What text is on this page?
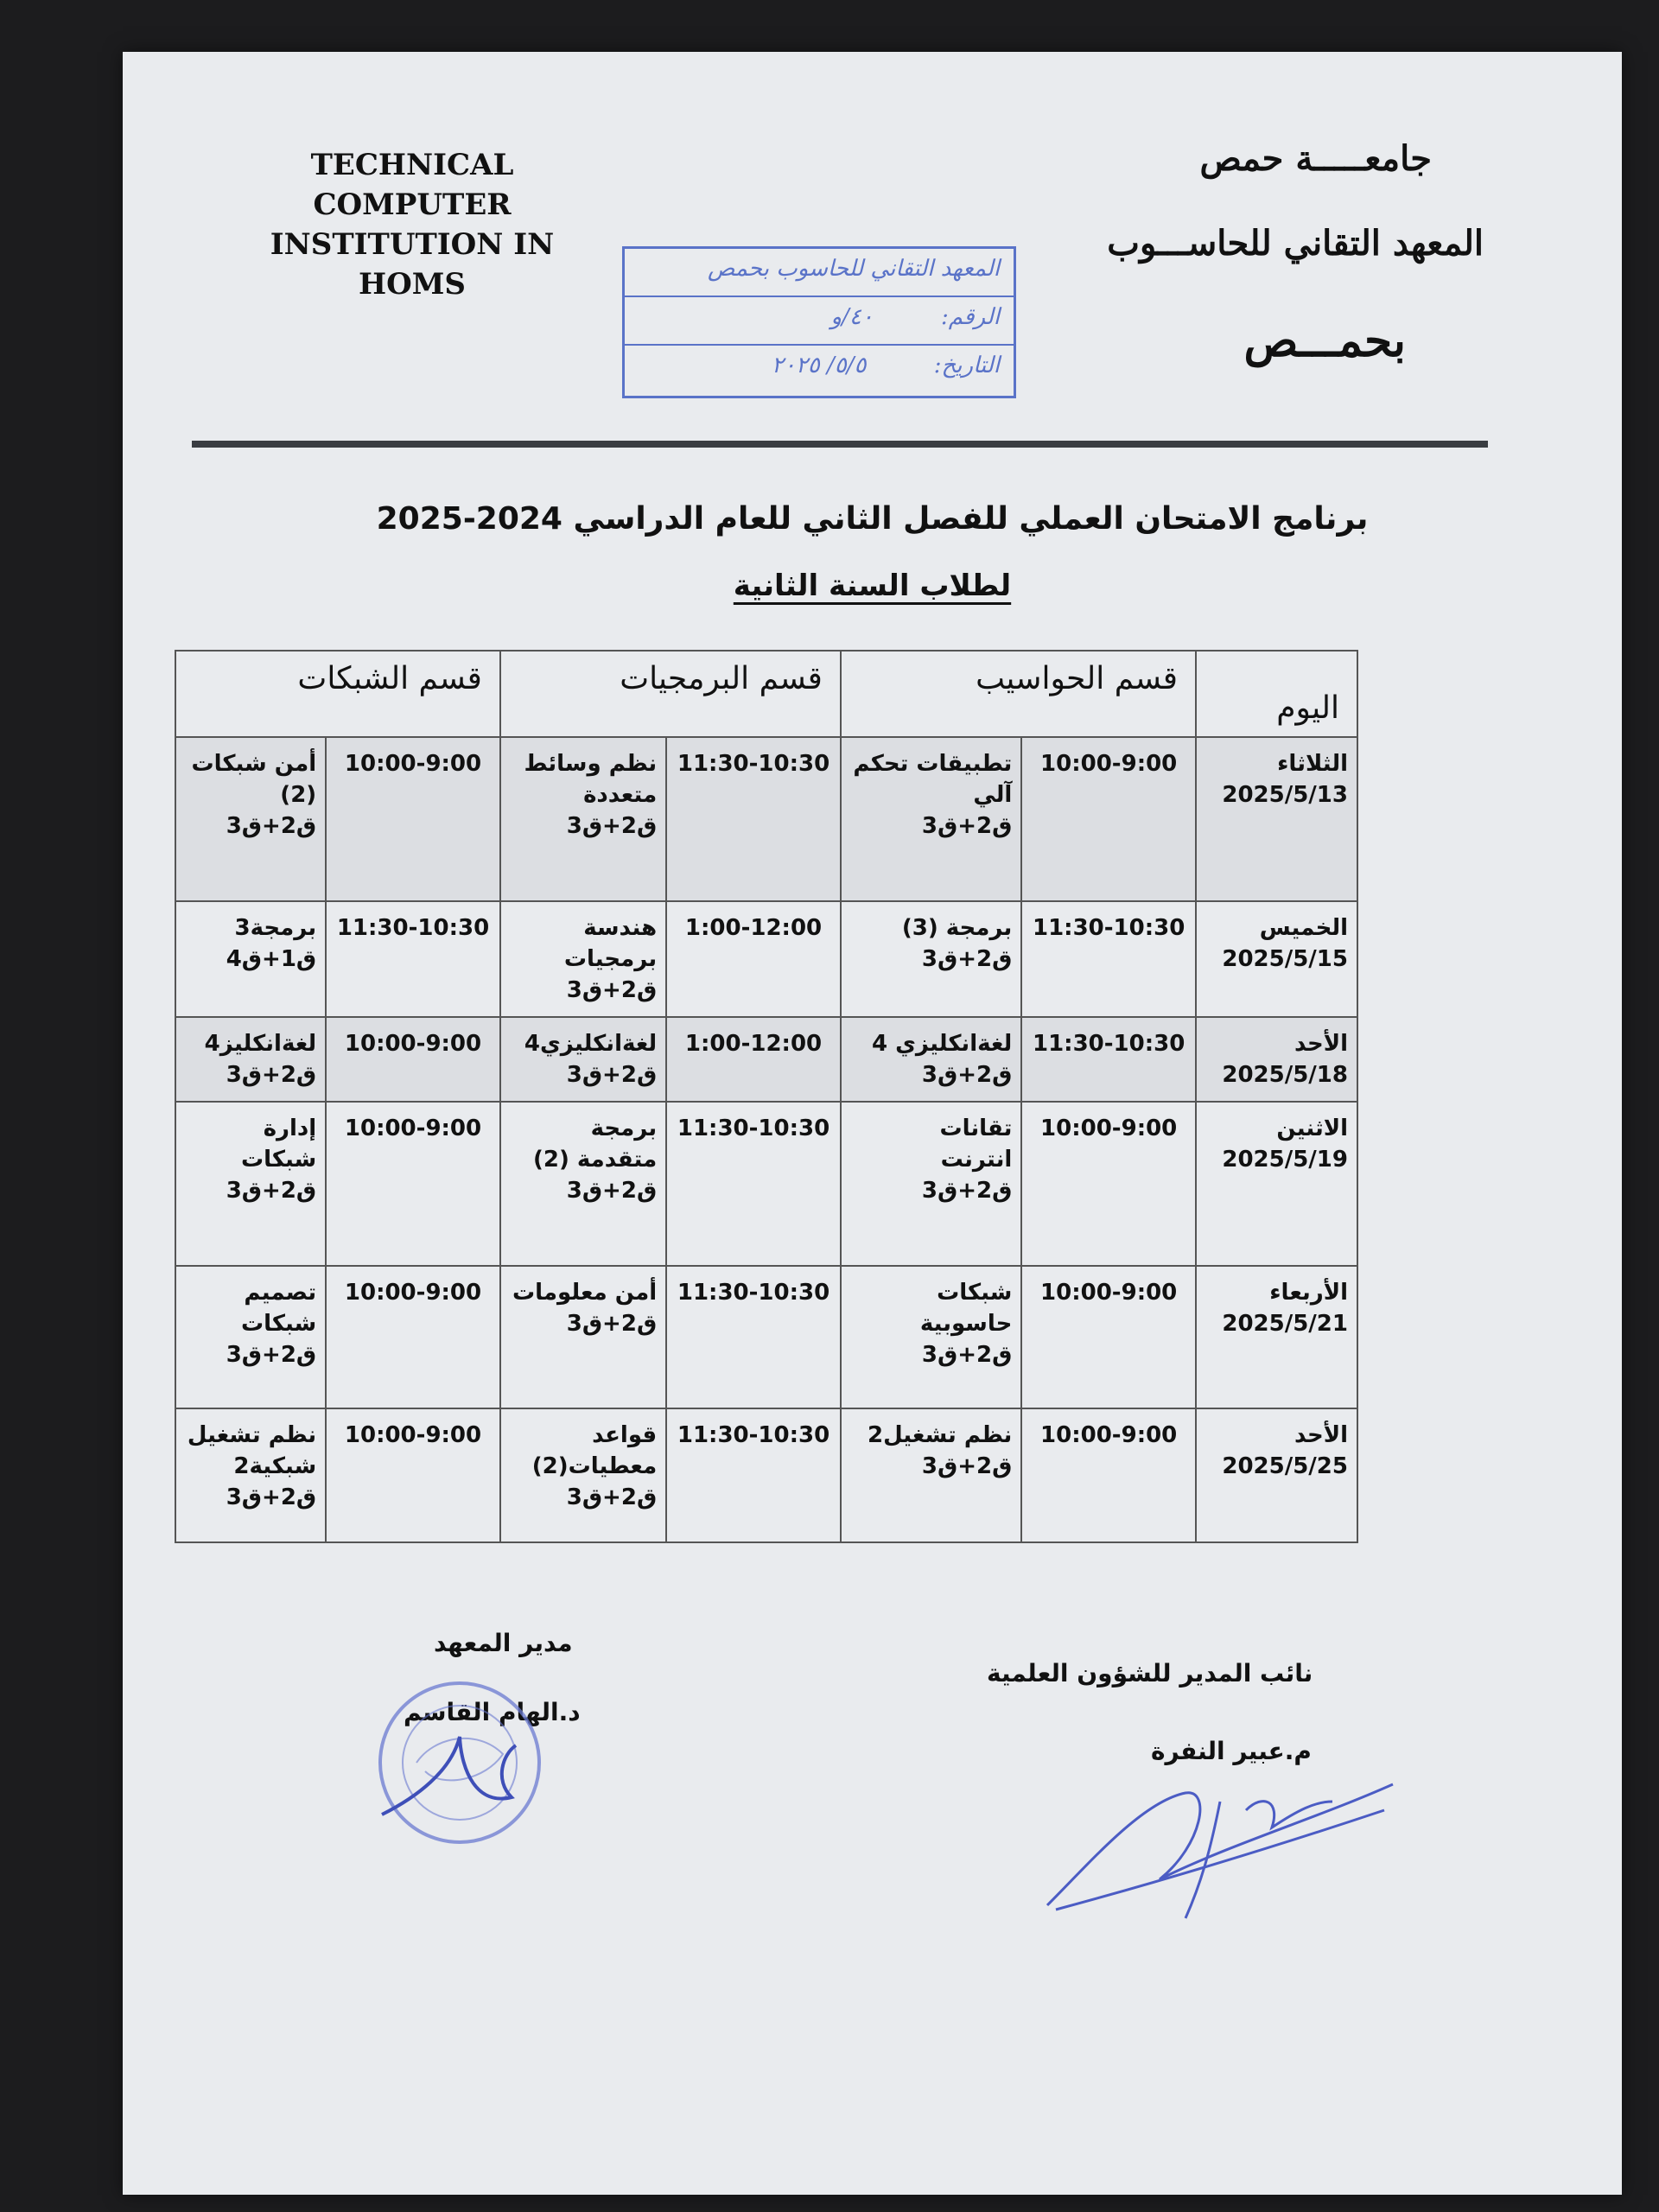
TECHNICAL COMPUTER
INSTITUTION IN
HOMS
جامعـــــة حمص
المعهد التقاني للحاســـوب
بحمـــص
المعهد التقاني للحاسوب بحمص
الرقم: ٤٠/و
التاريخ: ٥/٥/ ٢٠٢٥
برنامج الامتحان العملي للفصل الثاني للعام الدراسي 2024-2025
لطلاب السنة الثانية
اليوم	قسم الحواسيب		قسم البرمجيات		قسم الشبكات	

الثلاثاء
2025/5/13	10:00-9:00	تطبيقات تحكم
آلي
ق2+ق3	11:30-10:30	نظم وسائط
متعددة
ق2+ق3	10:00-9:00	أمن شبكات
(2)
ق2+ق3

الخميس
2025/5/15	11:30-10:30	برمجة (3)
ق2+ق3	1:00-12:00	هندسة
برمجيات
ق2+ق3	11:30-10:30	برمجة3
ق1+ق4

الأحد
2025/5/18	11:30-10:30	لغةانكليزي 4
ق2+ق3	1:00-12:00	لغةانكليزي4
ق2+ق3	10:00-9:00	لغةانكليز4
ق2+ق3

الاثنين
2025/5/19	10:00-9:00	تقانات
انترنت
ق2+ق3	11:30-10:30	برمجة
متقدمة (2)
ق2+ق3	10:00-9:00	إدارة
شبكات
ق2+ق3

الأربعاء
2025/5/21	10:00-9:00	شبكات
حاسوبية
ق2+ق3	11:30-10:30	أمن معلومات
ق2+ق3	10:00-9:00	تصميم
شبكات
ق2+ق3

الأحد
2025/5/25	10:00-9:00	نظم تشغيل2
ق2+ق3	11:30-10:30	قواعد
معطيات(2)
ق2+ق3	10:00-9:00	نظم تشغيل
شبكية2
ق2+ق3
نائب المدير للشؤون العلمية
م.عبير النفرة
مدير المعهد
د.الهام القاسم
